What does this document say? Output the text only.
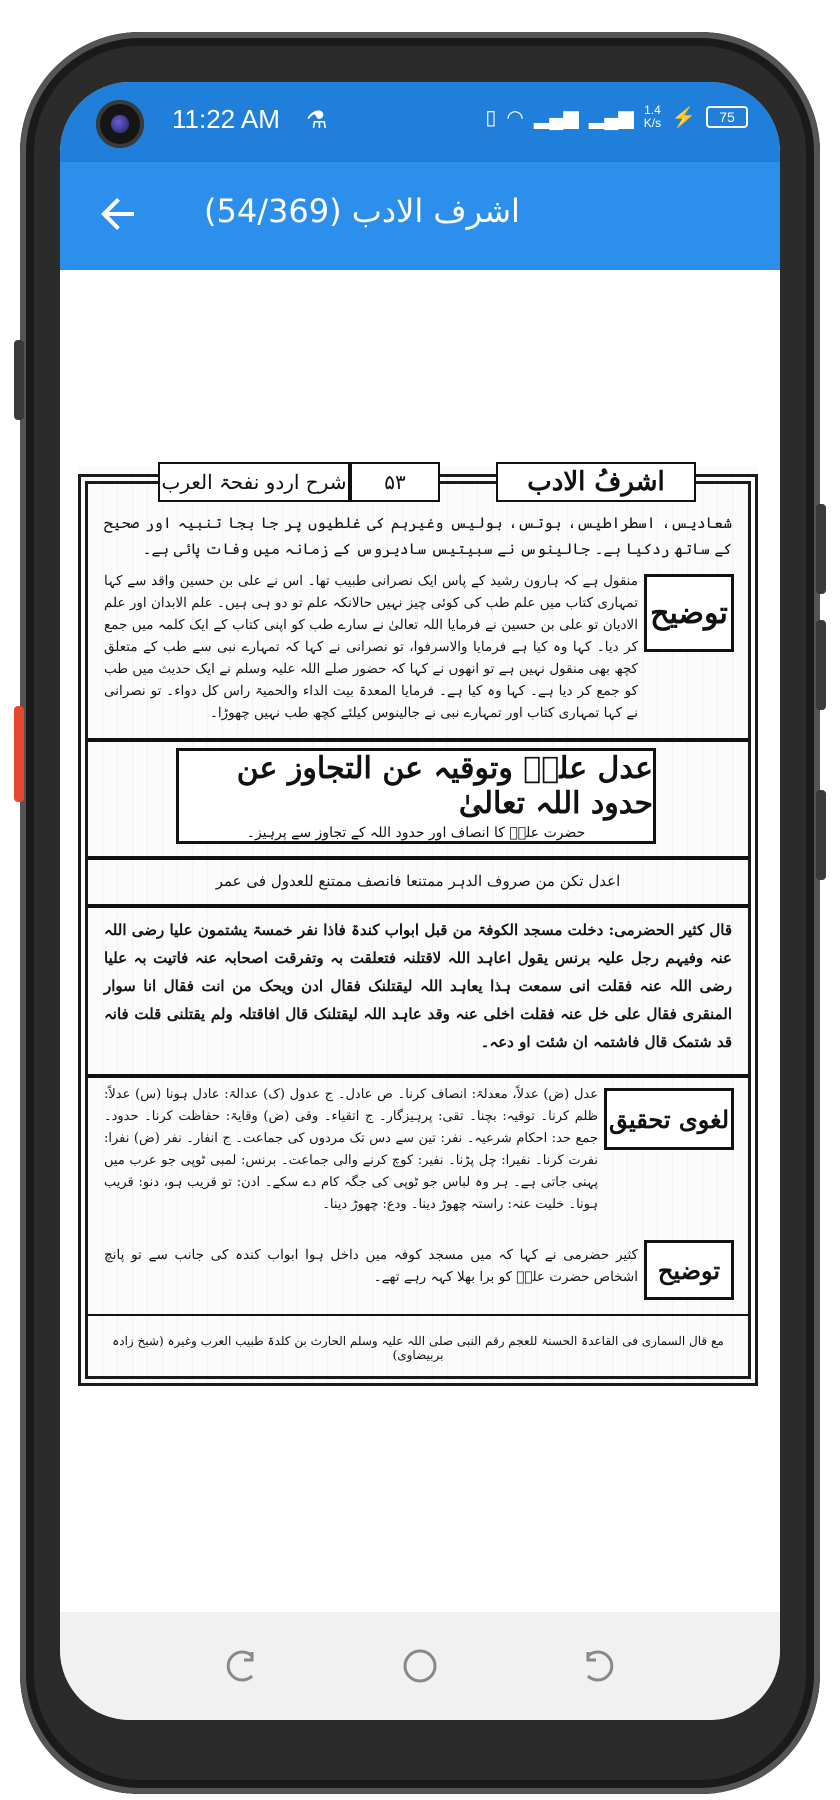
11:22 AM ⚗	▯ ◠ ▂▄▆ ▂▄▆ 1.4
K/s ⚡	75
اشرف الادب (54/369)
اشرفُ الادب
۵۳
شرح اردو نفحۃ العرب
شعادیس، اسطراطیس، بوتس، بولیس وغیرہم کی غلطیوں پر جا بجا تنبیہ اور صحیح کے ساتھ ردکیا ہے۔ جالینوس نے سبیتیس سادیروس کے زمانہ میں وفات پائی ہے۔
توضیح
منقول ہے کہ ہارون رشید کے پاس ایک نصرانی طبیب تھا۔ اس نے علی بن حسین واقد سے کہا تمہاری کتاب میں علم طب کی کوئی چیز نہیں حالانکہ علم تو دو ہی ہیں۔ علم الابدان اور علم الادیان تو علی بن حسین نے فرمایا اللہ تعالیٰ نے سارے طب کو اپنی کتاب کے ایک کلمہ میں جمع کر دیا۔ کہا وہ کیا ہے فرمایا والاسرفوا، تو نصرانی نے کہا کہ تمہارے نبی سے طب کے متعلق کچھ بھی منقول نہیں ہے تو انھوں نے کہا کہ حضور صلے اللہ علیہ وسلم نے ایک حدیث میں طب کو جمع کر دیا ہے۔ کہا وہ کیا ہے۔ فرمایا المعدۃ بیت الداء والحمیۃ راس کل دواء۔ تو نصرانی نے کہا تمہاری کتاب اور تمہارے نبی نے جالینوس کیلئے کچھ طب نہیں چھوڑا۔
عدل علیؓ وتوقیہ عن التجاوز عن حدود اللہ تعالیٰ
حضرت علیؓ کا انصاف اور حدود اللہ کے تجاوز سے پرہیز۔
اعدل تکن من صروف الدہر ممتنعا فانصف ممتنع للعدول فی عمر
قال کثیر الحضرمی: دخلت مسجد الکوفۃ من قبل ابواب کندۃ فاذا نفر خمسۃ یشتمون علیا رضی اللہ عنہ وفیہم رجل علیہ برنس یقول اعاہد اللہ لاقتلنہ فتعلقت بہ وتفرقت اصحابہ عنہ فاتیت بہ علیا رضی اللہ عنہ فقلت انی سمعت ہذا یعاہد اللہ لیقتلنک فقال ادن ویحک من انت فقال انا سوار المنقری فقال علی خل عنہ فقلت اخلی عنہ وقد عاہد اللہ لیقتلنک قال افاقتلہ ولم یقتلنی قلت فانہ قد شتمک قال فاشتمہ ان شئت او دعہ۔
لغوی تحقیق
عدل (ض) عدلاً، معدلۃ: انصاف کرنا۔ ص عادل۔ ج عدول (ک) عدالۃ: عادل ہونا (س) عدلاً: ظلم کرنا۔ توقیہ: بچنا۔ تقی: پرہیزگار۔ ج اتقیاء۔ وقی (ض) وقایۃ: حفاظت کرنا۔ حدود۔ جمع حد: احکام شرعیہ۔ نفر: تین سے دس تک مردوں کی جماعت۔ ج انفار۔ نفر (ض) نفرا: نفرت کرنا۔ نفیرا: چل پڑنا۔ نفیر: کوچ کرنے والی جماعت۔ برنس: لمبی ٹوپی جو عرب میں پہنی جاتی ہے۔ ہر وہ لباس جو ٹوپی کی جگہ کام دے سکے۔ ادن: تو قریب ہو، دنو: قریب ہونا۔ خلیت عنہ: راستہ چھوڑ دینا۔ ودع: چھوڑ دینا۔
توضیح
کثیر حضرمی نے کہا کہ میں مسجد کوفہ میں داخل ہوا ابواب کندہ کی جانب سے تو پانچ اشخاص حضرت علیؓ کو برا بھلا کہہ رہے تھے۔
مع قال السماری فی القاعدۃ الحسنۃ للعجم رقم النبی صلی اللہ علیہ وسلم الحارث بن کلدۃ طبیب العرب وغیرہ (شیخ زادہ بربیضاوی)
